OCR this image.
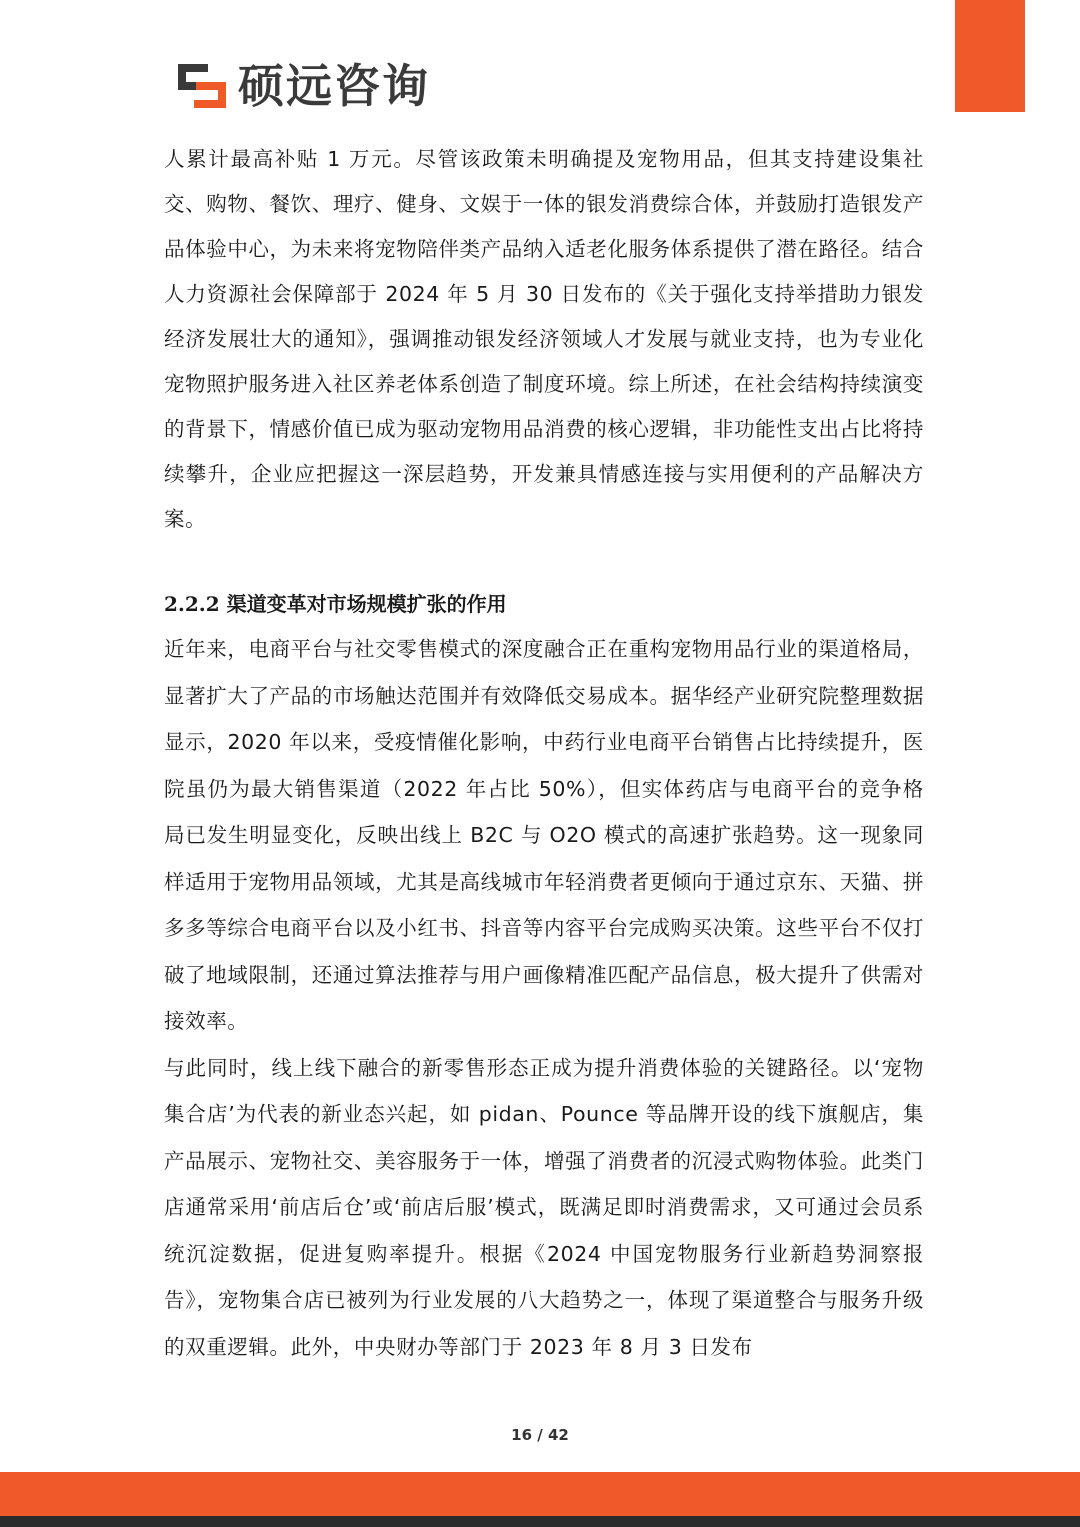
硕远咨询

人累计最高补贴 1 万元。尽管该政策未明确提及宠物用品，但其支持建设集社交、购物、餐饮、理疗、健身、文娱于一体的银发消费综合体，并鼓励打造银发产品体验中心，为未来将宠物陪伴类产品纳入适老化服务体系提供了潜在路径。结合人力资源社会保障部于 2024 年 5 月 30 日发布的《关于强化支持举措助力银发经济发展壮大的通知》，强调推动银发经济领域人才发展与就业支持，也为专业化宠物照护服务进入社区养老体系创造了制度环境。综上所述，在社会结构持续演变的背景下，情感价值已成为驱动宠物用品消费的核心逻辑，非功能性支出占比将持续攀升，企业应把握这一深层趋势，开发兼具情感连接与实用便利的产品解决方案。

2.2.2 渠道变革对市场规模扩张的作用

近年来，电商平台与社交零售模式的深度融合正在重构宠物用品行业的渠道格局，显著扩大了产品的市场触达范围并有效降低交易成本。据华经产业研究院整理数据显示，2020 年以来，受疫情催化影响，中药行业电商平台销售占比持续提升，医院虽仍为最大销售渠道（2022 年占比 50%），但实体药店与电商平台的竞争格局已发生明显变化，反映出线上 B2C 与 O2O 模式的高速扩张趋势。这一现象同样适用于宠物用品领域，尤其是高线城市年轻消费者更倾向于通过京东、天猫、拼多多等综合电商平台以及小红书、抖音等内容平台完成购买决策。这些平台不仅打破了地域限制，还通过算法推荐与用户画像精准匹配产品信息，极大提升了供需对接效率。

与此同时，线上线下融合的新零售形态正成为提升消费体验的关键路径。以‘宠物集合店’为代表的新业态兴起，如 pidan、Pounce 等品牌开设的线下旗舰店，集产品展示、宠物社交、美容服务于一体，增强了消费者的沉浸式购物体验。此类门店通常采用‘前店后仓’或‘前店后服’模式，既满足即时消费需求，又可通过会员系统沉淀数据，促进复购率提升。根据《2024 中国宠物服务行业新趋势洞察报告》，宠物集合店已被列为行业发展的八大趋势之一，体现了渠道整合与服务升级的双重逻辑。此外，中央财办等部门于 2023 年 8 月 3 日发布

16 / 42
